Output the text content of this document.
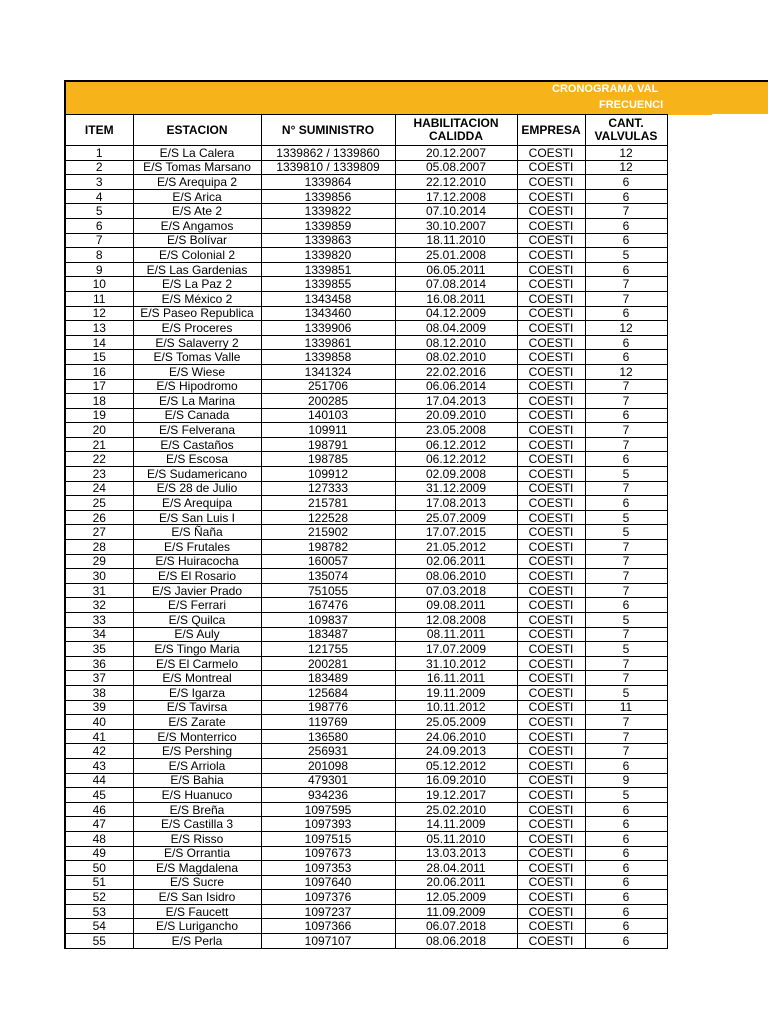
CRONOGRAMA VAL
FRECUENCI
ITEM	ESTACION	N° SUMINISTRO	HABILITACION CALIDDA	EMPRESA	CANT. VALVULAS
1	E/S La Calera	1339862 / 1339860	20.12.2007	COESTI	12
2	E/S Tomas Marsano	1339810 / 1339809	05.08.2007	COESTI	12
3	E/S Arequipa 2	1339864	22.12.2010	COESTI	6
4	E/S Arica	1339856	17.12.2008	COESTI	6
5	E/S Ate 2	1339822	07.10.2014	COESTI	7
6	E/S Angamos	1339859	30.10.2007	COESTI	6
7	E/S Bolívar	1339863	18.11.2010	COESTI	6
8	E/S Colonial 2	1339820	25.01.2008	COESTI	5
9	E/S Las Gardenias	1339851	06.05.2011	COESTI	6
10	E/S La Paz 2	1339855	07.08.2014	COESTI	7
11	E/S México 2	1343458	16.08.2011	COESTI	7
12	E/S Paseo Republica	1343460	04.12.2009	COESTI	6
13	E/S Proceres	1339906	08.04.2009	COESTI	12
14	E/S Salaverry 2	1339861	08.12.2010	COESTI	6
15	E/S Tomas Valle	1339858	08.02.2010	COESTI	6
16	E/S Wiese	1341324	22.02.2016	COESTI	12
17	E/S Hipodromo	251706	06.06.2014	COESTI	7
18	E/S La Marina	200285	17.04.2013	COESTI	7
19	E/S Canada	140103	20.09.2010	COESTI	6
20	E/S Felverana	109911	23.05.2008	COESTI	7
21	E/S Castaños	198791	06.12.2012	COESTI	7
22	E/S Escosa	198785	06.12.2012	COESTI	6
23	E/S Sudamericano	109912	02.09.2008	COESTI	5
24	E/S 28 de Julio	127333	31.12.2009	COESTI	7
25	E/S Arequipa	215781	17.08.2013	COESTI	6
26	E/S San Luis I	122528	25.07.2009	COESTI	5
27	E/S Ñaña	215902	17.07.2015	COESTI	5
28	E/S Frutales	198782	21.05.2012	COESTI	7
29	E/S Huiracocha	160057	02.06.2011	COESTI	7
30	E/S El Rosario	135074	08.06.2010	COESTI	7
31	E/S Javier Prado	751055	07.03.2018	COESTI	7
32	E/S Ferrari	167476	09.08.2011	COESTI	6
33	E/S Quilca	109837	12.08.2008	COESTI	5
34	E/S Auly	183487	08.11.2011	COESTI	7
35	E/S Tingo Maria	121755	17.07.2009	COESTI	5
36	E/S El Carmelo	200281	31.10.2012	COESTI	7
37	E/S Montreal	183489	16.11.2011	COESTI	7
38	E/S Igarza	125684	19.11.2009	COESTI	5
39	E/S Tavirsa	198776	10.11.2012	COESTI	11
40	E/S Zarate	119769	25.05.2009	COESTI	7
41	E/S Monterrico	136580	24.06.2010	COESTI	7
42	E/S Pershing	256931	24.09.2013	COESTI	7
43	E/S Arriola	201098	05.12.2012	COESTI	6
44	E/S Bahia	479301	16.09.2010	COESTI	9
45	E/S Huanuco	934236	19.12.2017	COESTI	5
46	E/S Breña	1097595	25.02.2010	COESTI	6
47	E/S Castilla 3	1097393	14.11.2009	COESTI	6
48	E/S Risso	1097515	05.11.2010	COESTI	6
49	E/S Orrantia	1097673	13.03.2013	COESTI	6
50	E/S Magdalena	1097353	28.04.2011	COESTI	6
51	E/S Sucre	1097640	20.06.2011	COESTI	6
52	E/S San Isidro	1097376	12.05.2009	COESTI	6
53	E/S Faucett	1097237	11.09.2009	COESTI	6
54	E/S Lurigancho	1097366	06.07.2018	COESTI	6
55	E/S Perla	1097107	08.06.2018	COESTI	6
